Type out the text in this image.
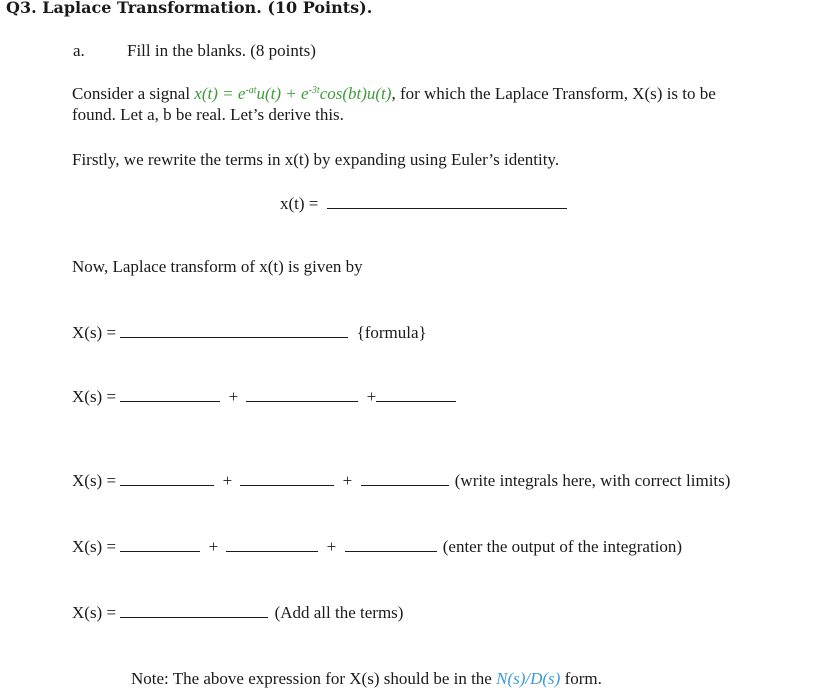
Q3. Laplace Transformation. (10 Points).
a. Fill in the blanks. (8 points)
Consider a signal $x(t) = e^{-at}u(t) + e^{-3t}\cos(bt)u(t)$, for which the Laplace Transform, X(s) is to be
found. Let a, b be real. Let’s derive this.
Firstly, we rewrite the terms in x(t) by expanding using Euler’s identity.
x(t) =
Now, Laplace transform of x(t) is given by
X(s) =	{formula}
X(s) =	+	+
X(s) =	+	+	(write integrals here, with correct limits)
X(s) =	+	+	(enter the output of the integration)
X(s) =	(Add all the terms)
Note: The above expression for X(s) should be in the N(s)/D(s) form.
